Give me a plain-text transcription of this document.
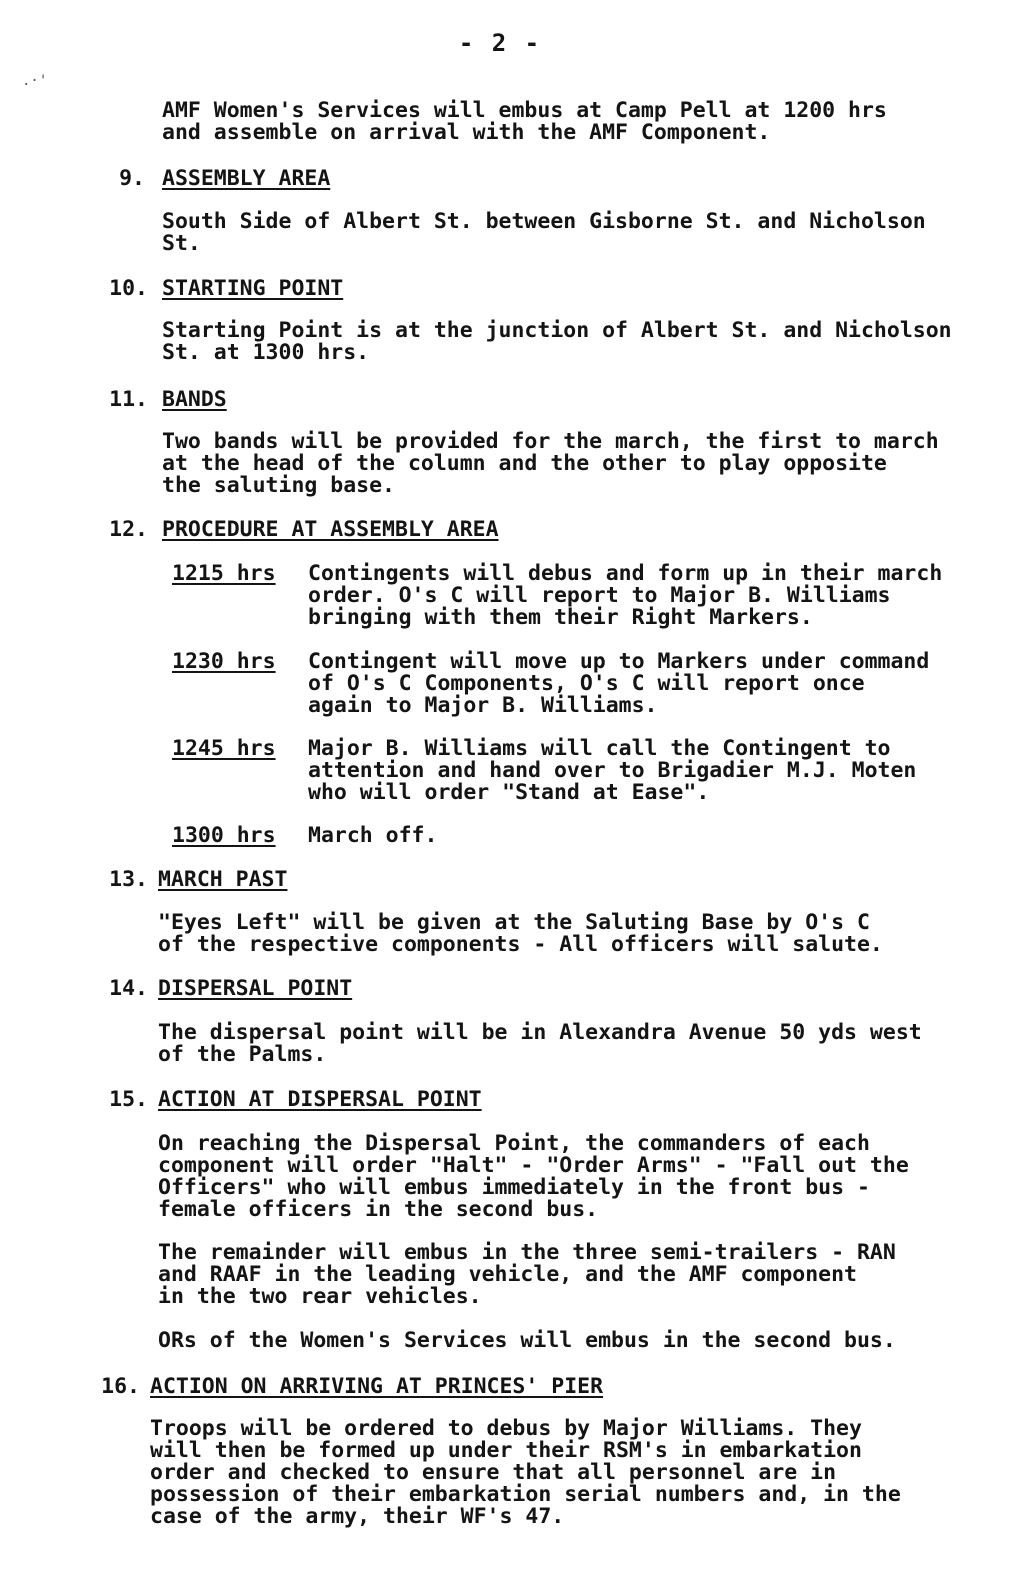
- 2 -
.·'
AMF Women's Services will embus at Camp Pell at 1200 hrs
and assemble on arrival with the AMF Component.
9. ASSEMBLY AREA
South Side of Albert St. between Gisborne St. and Nicholson
St.
10. STARTING POINT
Starting Point is at the junction of Albert St. and Nicholson
St. at 1300 hrs.
11. BANDS
Two bands will be provided for the march, the first to march
at the head of the column and the other to play opposite
the saluting base.
12. PROCEDURE AT ASSEMBLY AREA
1215 hrs Contingents will debus and form up in their march
order. O's C will report to Major B. Williams
bringing with them their Right Markers.
1230 hrs Contingent will move up to Markers under command
of O's C Components, O's C will report once
again to Major B. Williams.
1245 hrs Major B. Williams will call the Contingent to
attention and hand over to Brigadier M.J. Moten
who will order "Stand at Ease".
1300 hrs March off.
13. MARCH PAST
"Eyes Left" will be given at the Saluting Base by O's C
of the respective components - All officers will salute.
14. DISPERSAL POINT
The dispersal point will be in Alexandra Avenue 50 yds west
of the Palms.
15. ACTION AT DISPERSAL POINT
On reaching the Dispersal Point, the commanders of each
component will order "Halt" - "Order Arms" - "Fall out the
Officers" who will embus immediately in the front bus -
female officers in the second bus.
The remainder will embus in the three semi-trailers - RAN
and RAAF in the leading vehicle, and the AMF component
in the two rear vehicles.
ORs of the Women's Services will embus in the second bus.
16. ACTION ON ARRIVING AT PRINCES' PIER
Troops will be ordered to debus by Major Williams. They
will then be formed up under their RSM's in embarkation
order and checked to ensure that all personnel are in
possession of their embarkation serial numbers and, in the
case of the army, their WF's 47.
